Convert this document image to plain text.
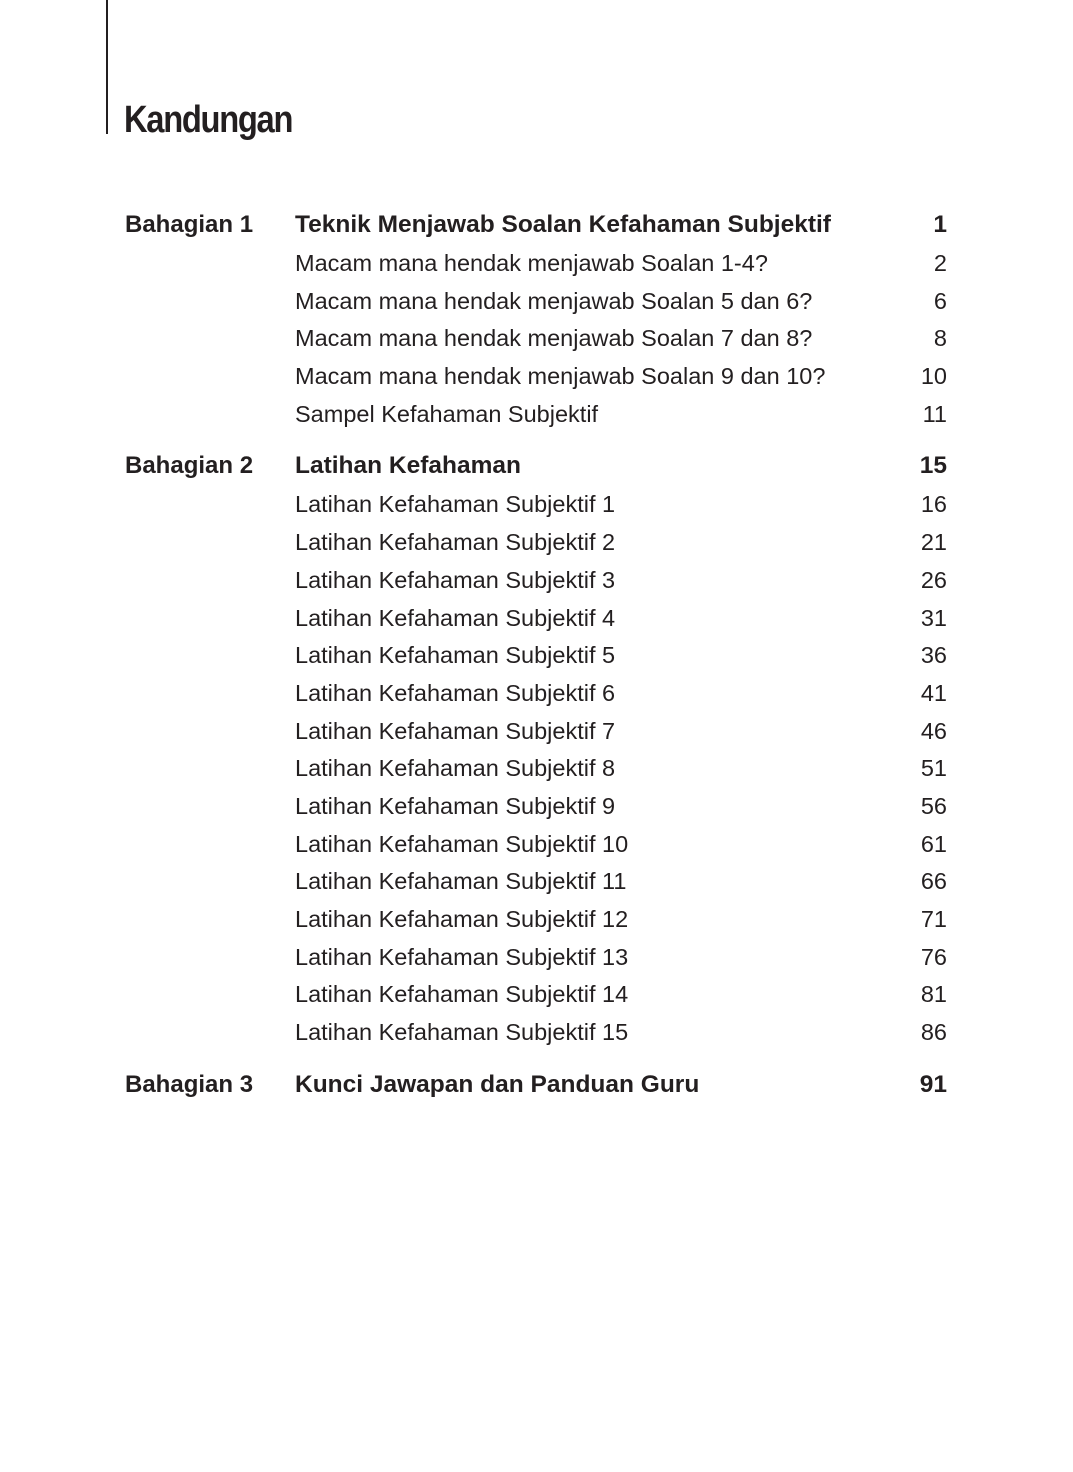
Kandungan
Bahagian 1 Teknik Menjawab Soalan Kefahaman Subjektif	1
Macam mana hendak menjawab Soalan 1-4?	2
Macam mana hendak menjawab Soalan 5 dan 6?	6
Macam mana hendak menjawab Soalan 7 dan 8?	8
Macam mana hendak menjawab Soalan 9 dan 10?	10
Sampel Kefahaman Subjektif	11
Bahagian 2 Latihan Kefahaman	15
Latihan Kefahaman Subjektif 1	16
Latihan Kefahaman Subjektif 2	21
Latihan Kefahaman Subjektif 3	26
Latihan Kefahaman Subjektif 4	31
Latihan Kefahaman Subjektif 5	36
Latihan Kefahaman Subjektif 6	41
Latihan Kefahaman Subjektif 7	46
Latihan Kefahaman Subjektif 8	51
Latihan Kefahaman Subjektif 9	56
Latihan Kefahaman Subjektif 10	61
Latihan Kefahaman Subjektif 11	66
Latihan Kefahaman Subjektif 12	71
Latihan Kefahaman Subjektif 13	76
Latihan Kefahaman Subjektif 14	81
Latihan Kefahaman Subjektif 15	86
Bahagian 3 Kunci Jawapan dan Panduan Guru	91
